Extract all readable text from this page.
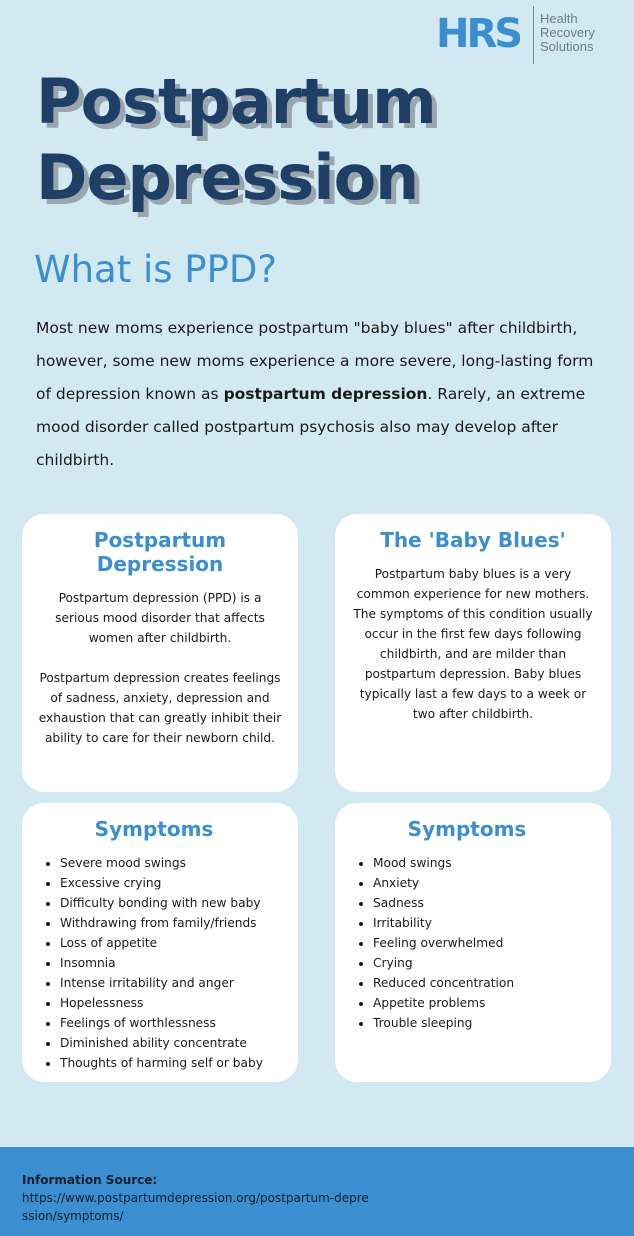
HRS Health
Recovery
Solutions
Postpartum
Depression
What is PPD?

Most new moms experience postpartum "baby blues" after childbirth, however, some new moms experience a more severe, long-lasting form of depression known as postpartum depression. Rarely, an extreme mood disorder called postpartum psychosis also may develop after childbirth.

Postpartum Depression

Postpartum depression (PPD) is a serious mood disorder that affects women after childbirth.

Postpartum depression creates feelings of sadness, anxiety, depression and exhaustion that can greatly inhibit their ability to care for their newborn child.

The 'Baby Blues'

Postpartum baby blues is a very common experience for new mothers. The symptoms of this condition usually occur in the first few days following childbirth, and are milder than postpartum depression. Baby blues typically last a few days to a week or two after childbirth.

Symptoms
• Severe mood swings
• Excessive crying
• Difficulty bonding with new baby
• Withdrawing from family/friends
• Loss of appetite
• Insomnia
• Intense irritability and anger
• Hopelessness
• Feelings of worthlessness
• Diminished ability concentrate
• Thoughts of harming self or baby
Symptoms
• Mood swings
• Anxiety
• Sadness
• Irritability
• Feeling overwhelmed
• Crying
• Reduced concentration
• Appetite problems
• Trouble sleeping
Information Source:
https://www.postpartumdepression.org/postpartum-depression/symptoms/
